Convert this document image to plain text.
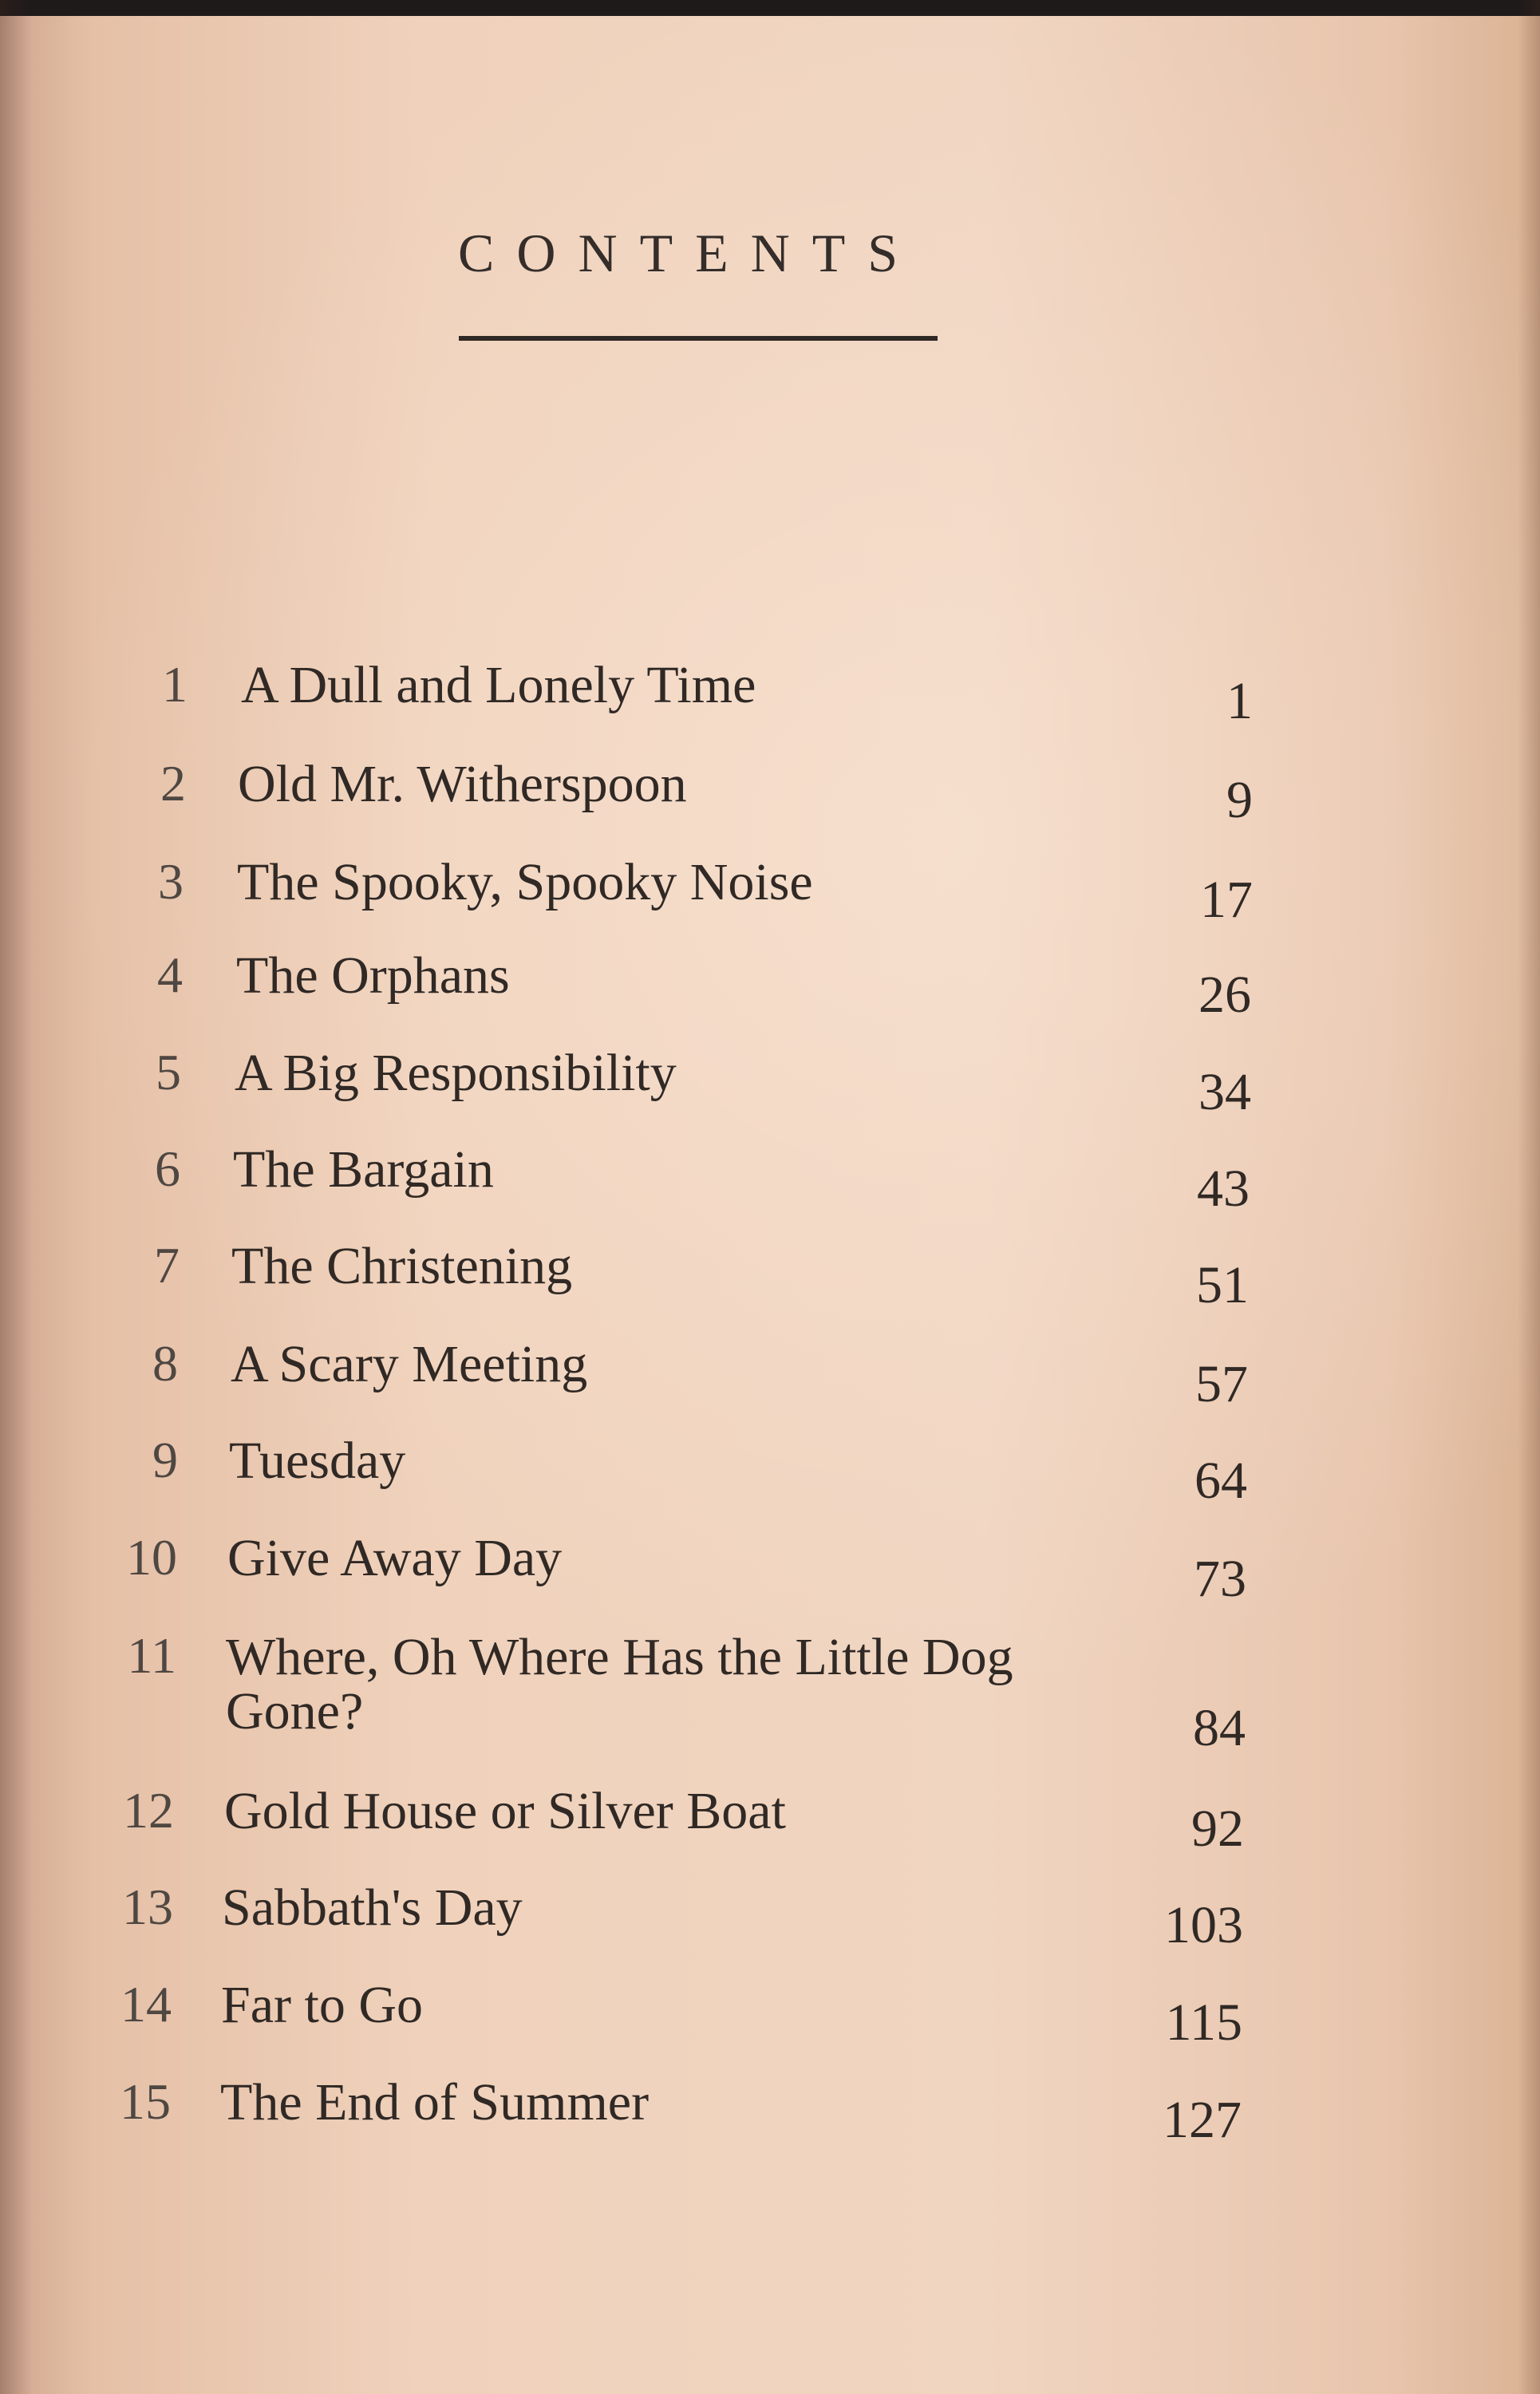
CONTENTS
1 A Dull and Lonely Time	1
2 Old Mr. Witherspoon	9
3 The Spooky, Spooky Noise	17
4 The Orphans	26
5 A Big Responsibility	34
6 The Bargain	43
7 The Christening	51
8 A Scary Meeting	57
9 Tuesday	64
10 Give Away Day	73
11 Where, Oh Where Has the Little Dog Gone?	84
12 Gold House or Silver Boat	92
13 Sabbath's Day	103
14 Far to Go	115
15 The End of Summer	127
